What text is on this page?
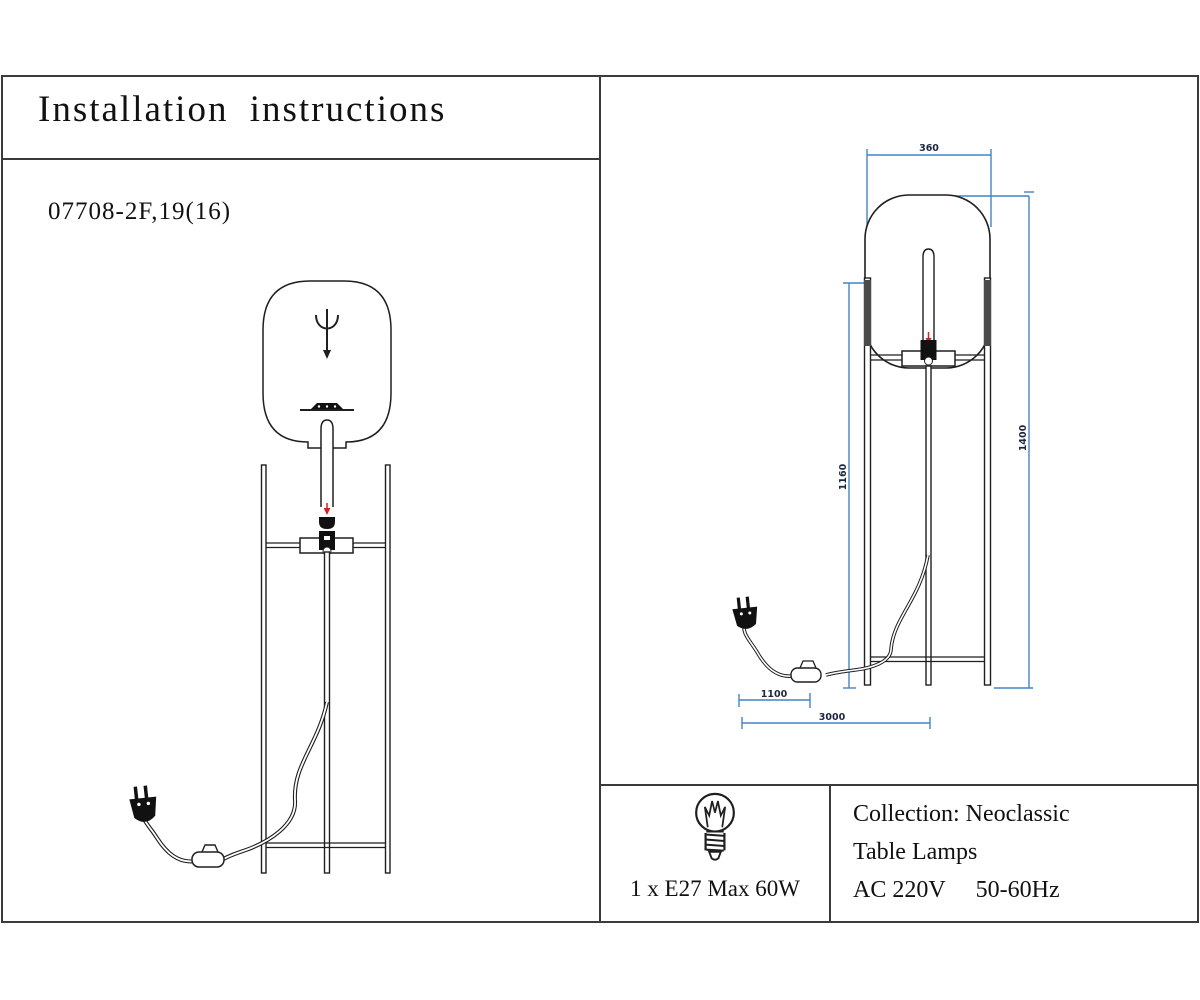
Installation instructions
07708-2F,19(16)
360
1400
1160
1100
3000
1 x E27 Max 60W
Collection: Neoclassic
Table Lamps
AC 220V 50-60Hz
